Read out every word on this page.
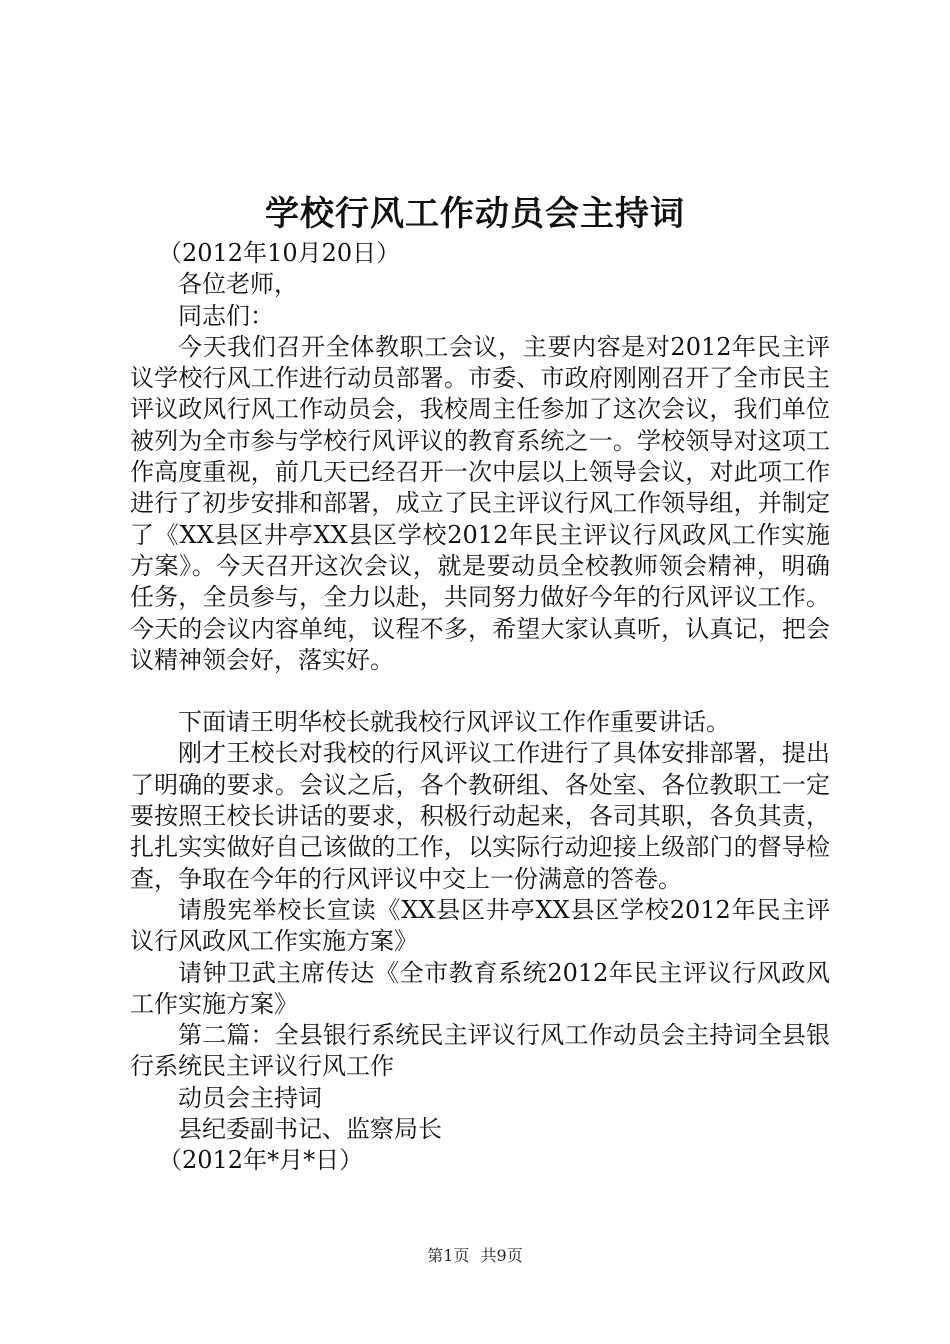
学校行风工作动员会主持词

（2012年10月20日）

各位老师，

同志们：

今天我们召开全体教职工会议，主要内容是对2012年民主评议学校行风工作进行动员部署。市委、市政府刚刚召开了全市民主评议政风行风工作动员会，我校周主任参加了这次会议，我们单位被列为全市参与学校行风评议的教育系统之一。学校领导对这项工作高度重视，前几天已经召开一次中层以上领导会议，对此项工作进行了初步安排和部署，成立了民主评议行风工作领导组，并制定了《XX县区井亭XX县区学校2012年民主评议行风政风工作实施方案》。今天召开这次会议，就是要动员全校教师领会精神，明确任务，全员参与，全力以赴，共同努力做好今年的行风评议工作。今天的会议内容单纯，议程不多，希望大家认真听，认真记，把会议精神领会好，落实好。

下面请王明华校长就我校行风评议工作作重要讲话。

刚才王校长对我校的行风评议工作进行了具体安排部署，提出了明确的要求。会议之后，各个教研组、各处室、各位教职工一定要按照王校长讲话的要求，积极行动起来，各司其职，各负其责，扎扎实实做好自己该做的工作，以实际行动迎接上级部门的督导检查，争取在今年的行风评议中交上一份满意的答卷。

请殷宪举校长宣读《XX县区井亭XX县区学校2012年民主评议行风政风工作实施方案》

请钟卫武主席传达《全市教育系统2012年民主评议行风政风工作实施方案》

第二篇：全县银行系统民主评议行风工作动员会主持词全县银行系统民主评议行风工作

动员会主持词

县纪委副书记、监察局长

（2012年*月*日）

第1页 共9页
